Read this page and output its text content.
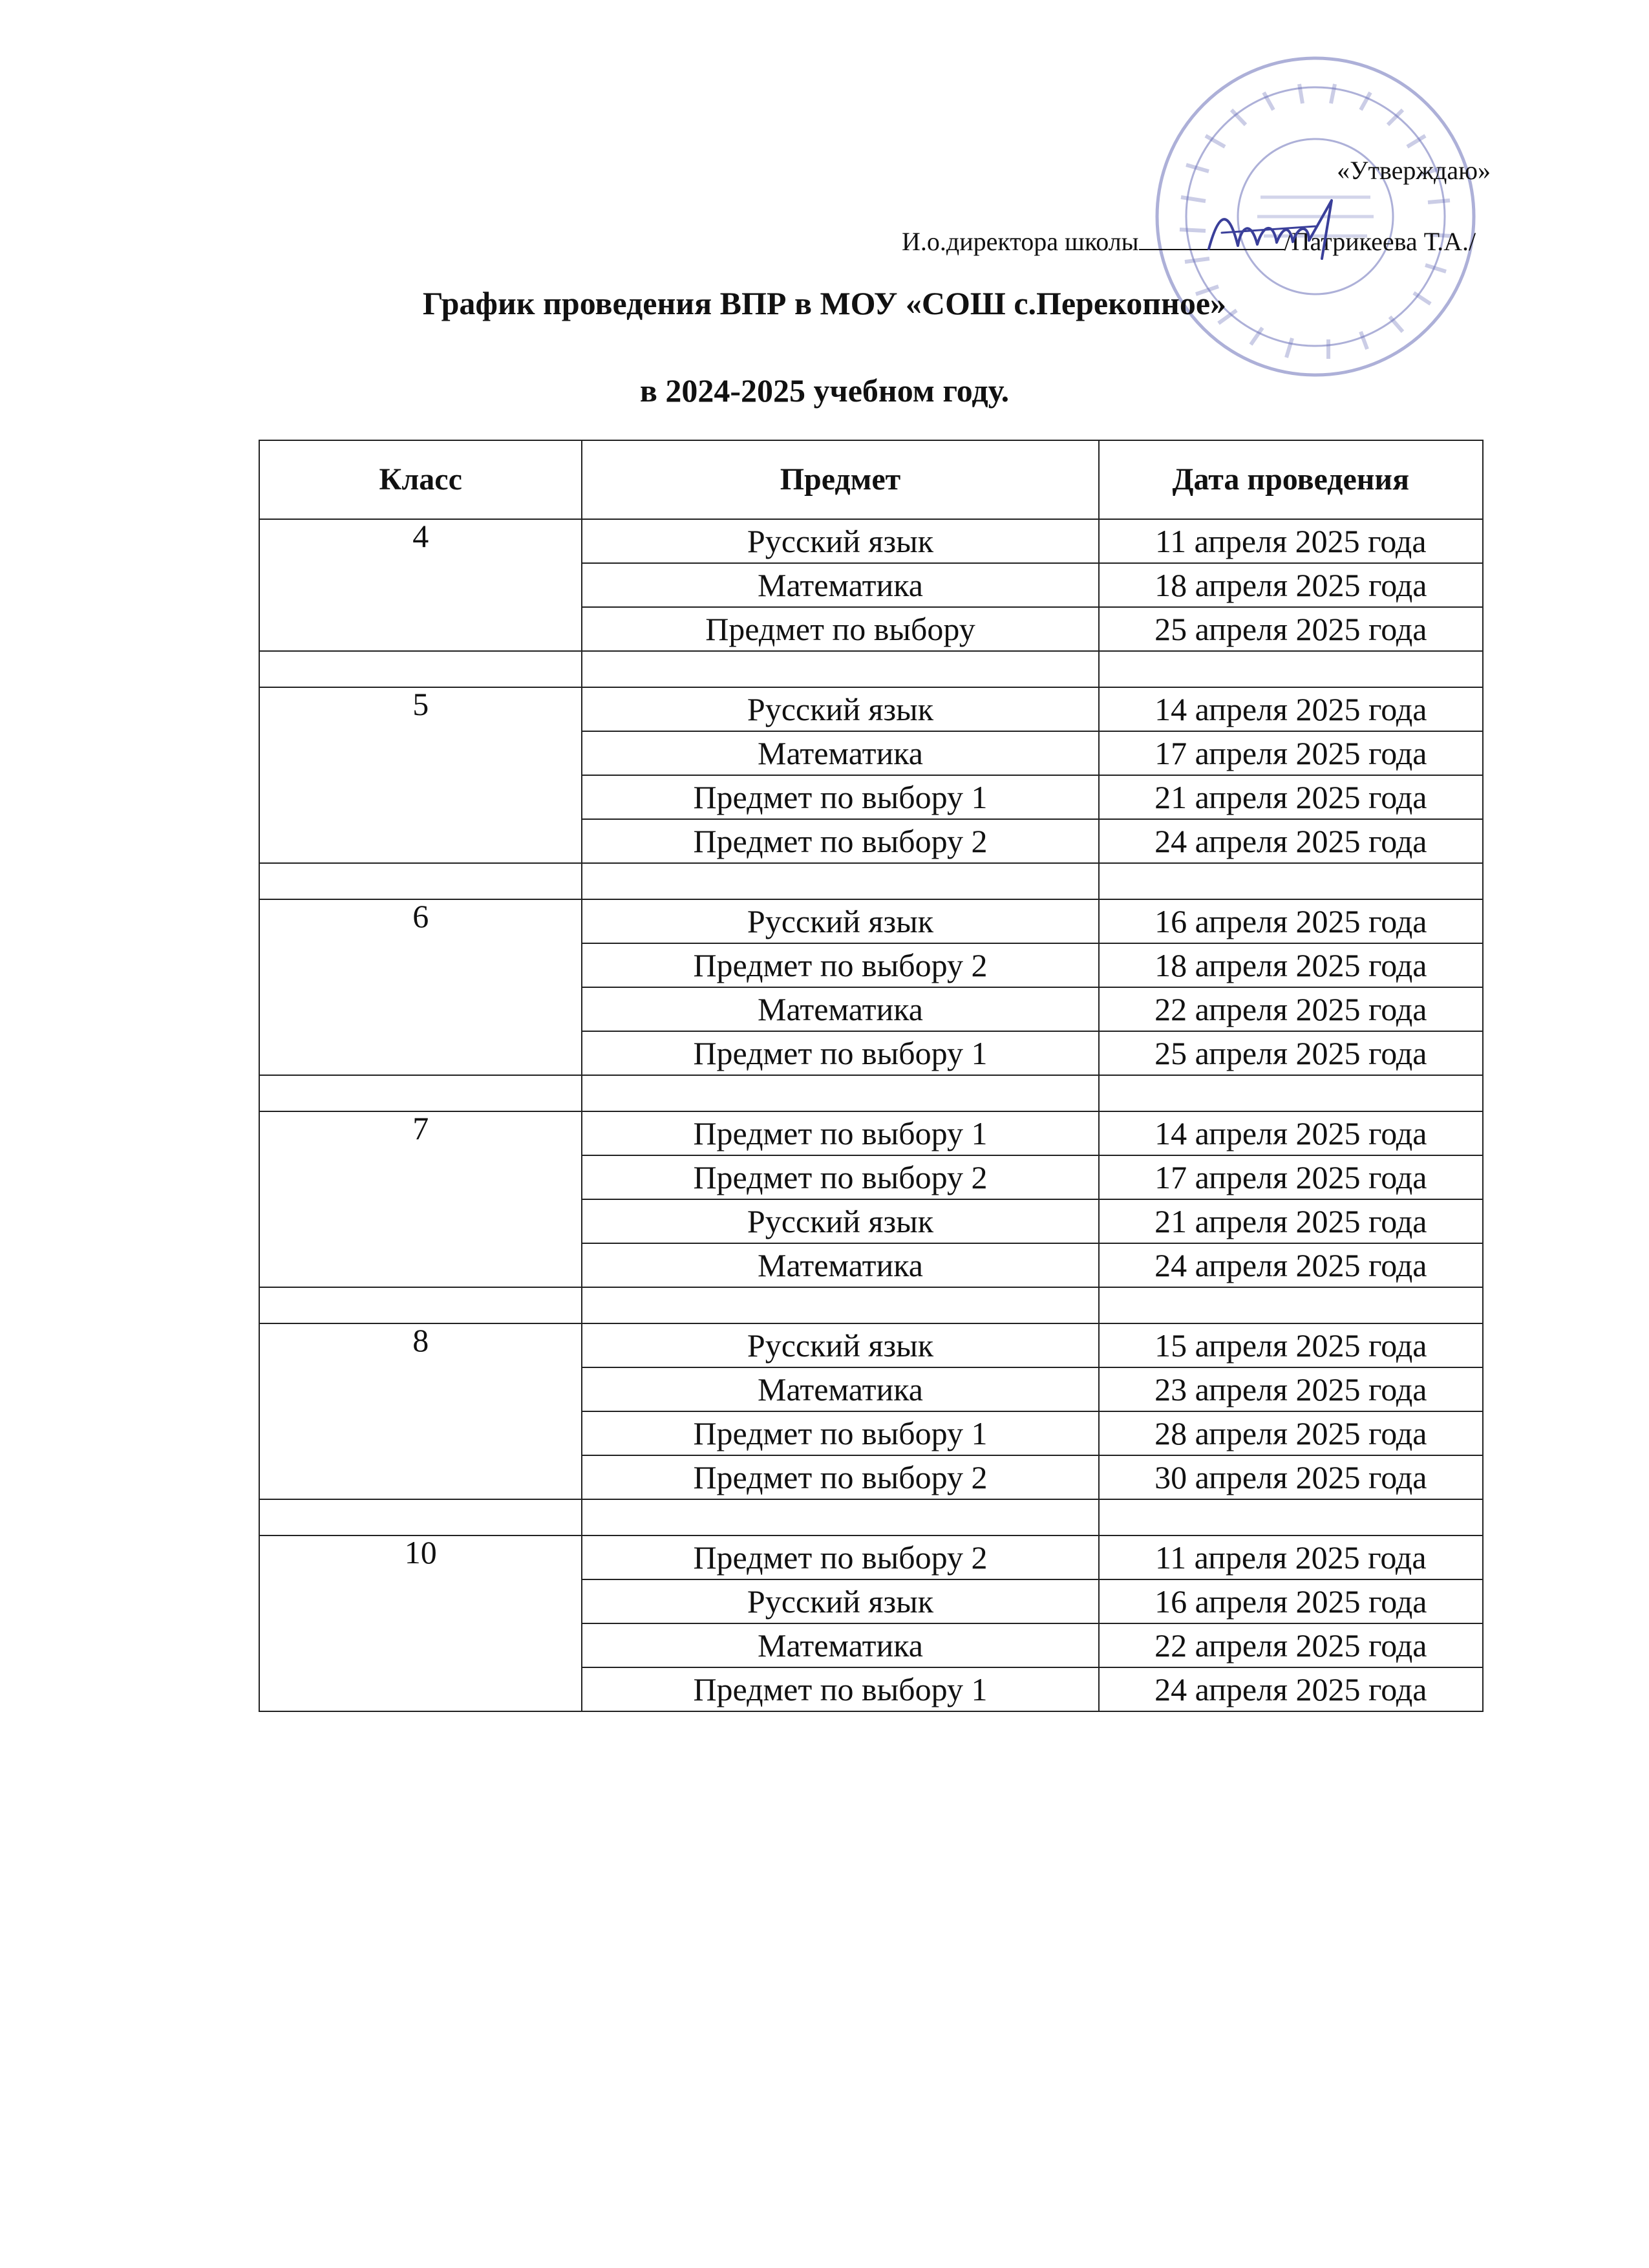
«Утверждаю»
И.о.директора школы	/Патрикеева Т.А./
График проведения ВПР в МОУ «СОШ с.Перекопное»
в 2024-2025 учебном году.
Класс	Предмет	Дата проведения
4	Русский язык	11 апреля 2025 года
	Математика	18 апреля 2025 года
	Предмет по выбору	25 апреля 2025 года

5	Русский язык	14 апреля 2025 года
	Математика	17 апреля 2025 года
	Предмет по выбору 1	21 апреля 2025 года
	Предмет по выбору 2	24 апреля 2025 года

6	Русский язык	16 апреля 2025 года
	Предмет по выбору 2	18 апреля 2025 года
	Математика	22 апреля 2025 года
	Предмет по выбору 1	25 апреля 2025 года

7	Предмет по выбору 1	14 апреля 2025 года
	Предмет по выбору 2	17 апреля 2025 года
	Русский язык	21 апреля 2025 года
	Математика	24 апреля 2025 года

8	Русский язык	15 апреля 2025 года
	Математика	23 апреля 2025 года
	Предмет по выбору 1	28 апреля 2025 года
	Предмет по выбору 2	30 апреля 2025 года

10	Предмет по выбору 2	11 апреля 2025 года
	Русский язык	16 апреля 2025 года
	Математика	22 апреля 2025 года
	Предмет по выбору 1	24 апреля 2025 года
